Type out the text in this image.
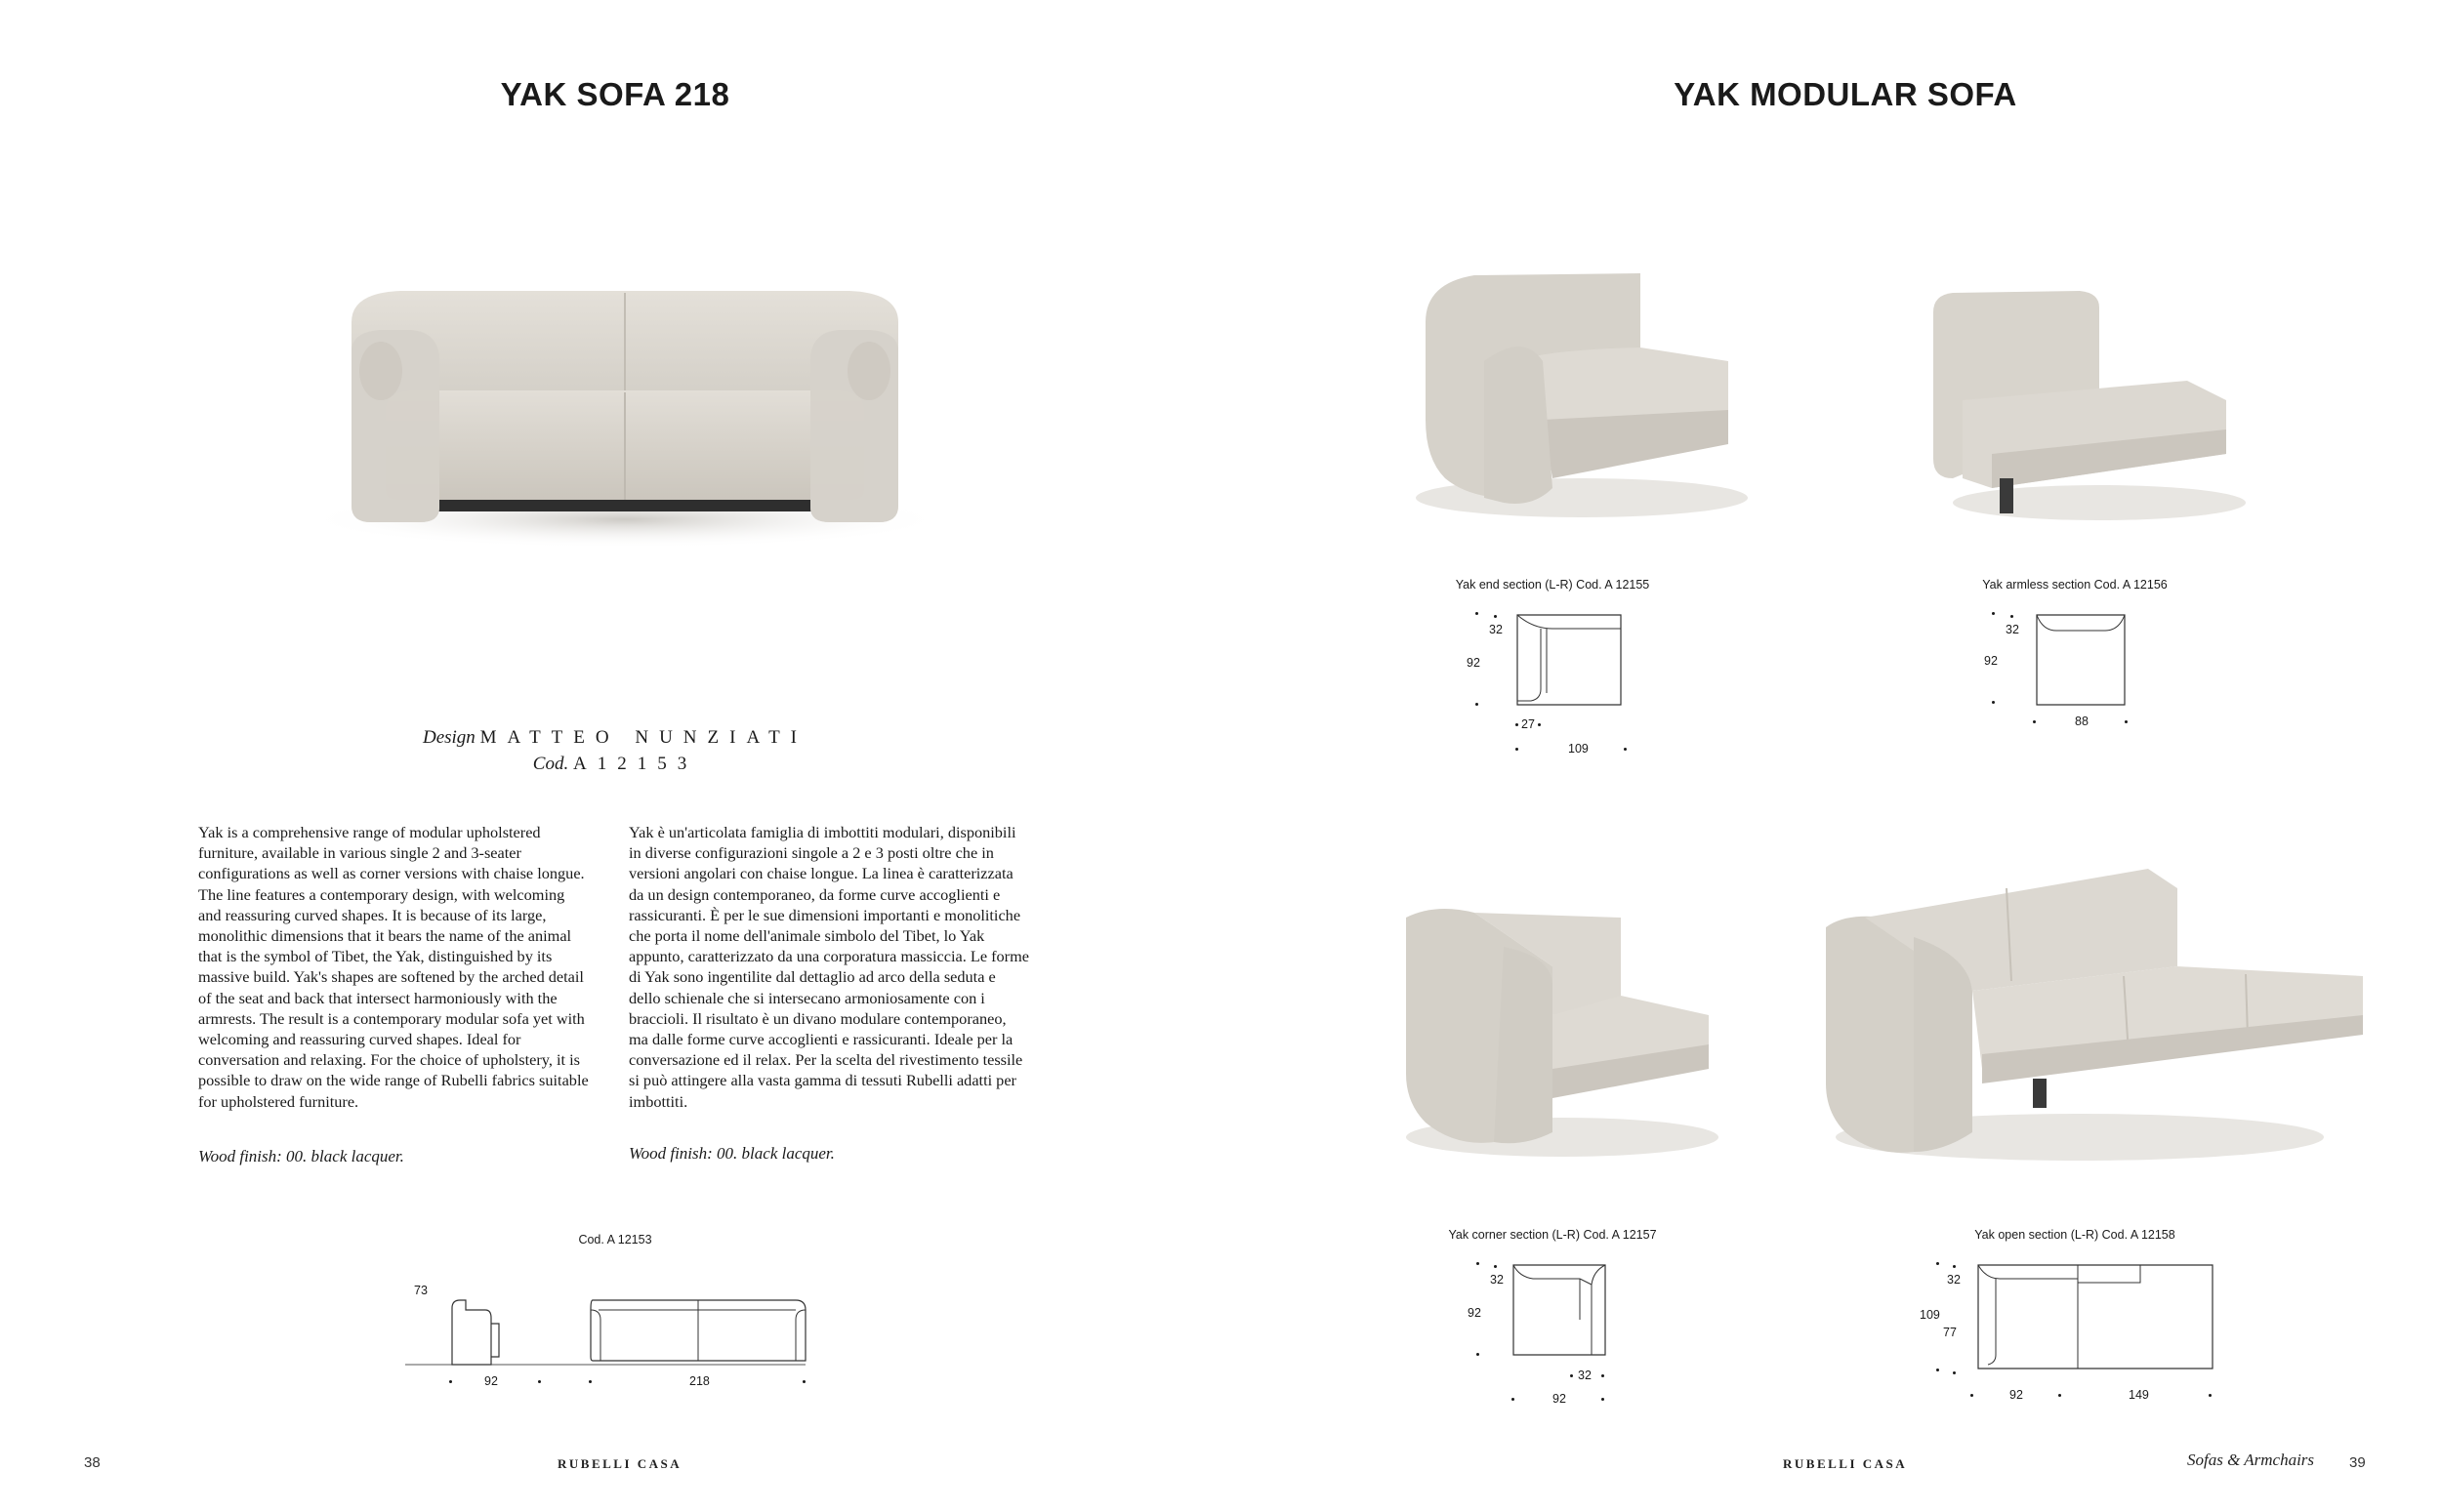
YAK SOFA 218
Design MATTEO NUNZIATI
Cod. A12153
Yak is a comprehensive range of modular upholstered furniture, available in various single 2 and 3-seater configurations as well as corner versions with chaise longue. The line features a contemporary design, with welcoming and reassuring curved shapes. It is because of its large, monolithic dimensions that it bears the name of the animal that is the symbol of Tibet, the Yak, distinguished by its massive build. Yak's shapes are softened by the arched detail of the seat and back that intersect harmoniously with the armrests. The result is a contemporary modular sofa yet with welcoming and reassuring curved shapes. Ideal for conversation and relaxing. For the choice of upholstery, it is possible to draw on the wide range of Rubelli fabrics suitable for upholstered furniture.
Wood finish: 00. black lacquer.
Yak è un'articolata famiglia di imbottiti modulari, disponibili in diverse configurazioni singole a 2 e 3 posti oltre che in versioni angolari con chaise longue. La linea è caratterizzata da un design contemporaneo, da forme curve accoglienti e rassicuranti. È per le sue dimensioni importanti e monolitiche che porta il nome dell'animale simbolo del Tibet, lo Yak appunto, caratterizzato da una corporatura massiccia. Le forme di Yak sono ingentilite dal dettaglio ad arco della seduta e dello schienale che si intersecano armoniosamente con i braccioli. Il risultato è un divano modulare contemporaneo, ma dalle forme curve accoglienti e rassicuranti. Ideale per la conversazione ed il relax. Per la scelta del rivestimento tessile si può attingere alla vasta gamma di tessuti Rubelli adatti per imbottiti.
Wood finish: 00. black lacquer.
Cod. A 12153
73
92	218
38	RUBELLI CASA
YAK MODULAR SOFA
Yak end section (L-R) Cod. A 12155
32
92
27
109
Yak armless section Cod. A 12156
32
92
88
Yak corner section (L-R) Cod. A 12157
32
92
32
92
Yak open section (L-R) Cod. A 12158
32
109
77
92	149
RUBELLI CASA	Sofas & Armchairs 39
